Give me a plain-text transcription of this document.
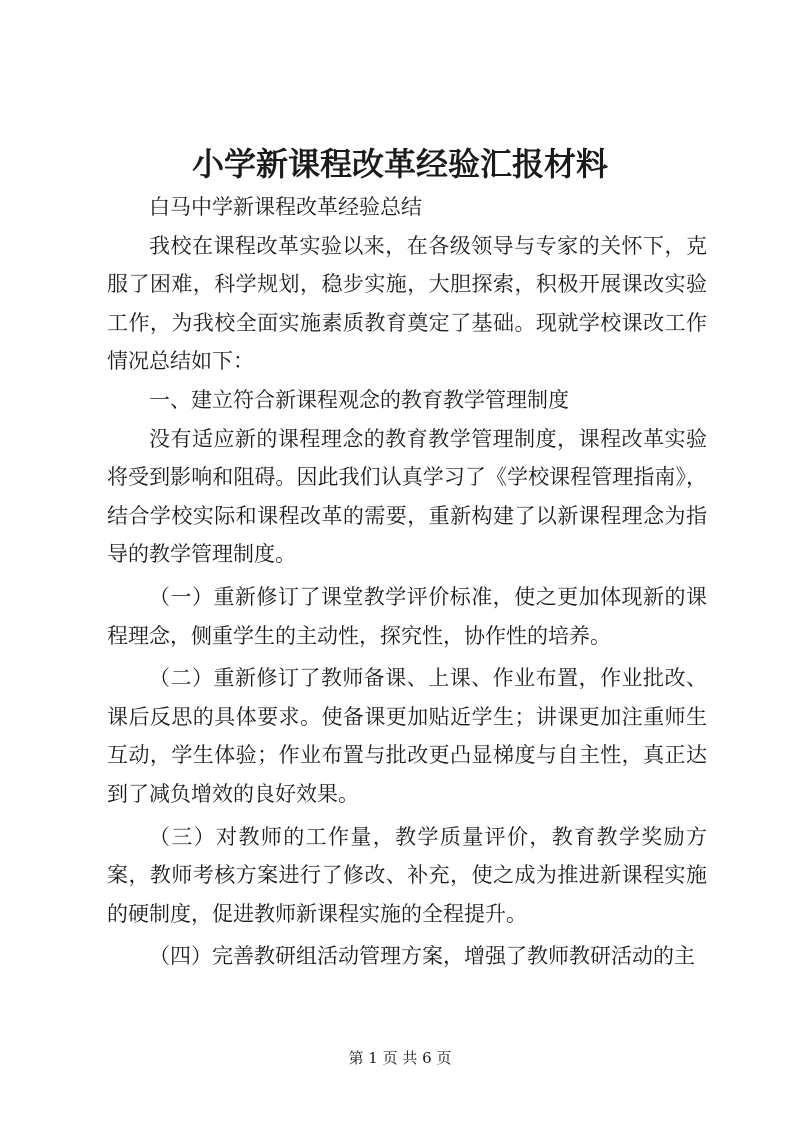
小学新课程改革经验汇报材料

白马中学新课程改革经验总结

我校在课程改革实验以来，在各级领导与专家的关怀下，克服了困难，科学规划，稳步实施，大胆探索，积极开展课改实验工作，为我校全面实施素质教育奠定了基础。现就学校课改工作情况总结如下：

一、建立符合新课程观念的教育教学管理制度

没有适应新的课程理念的教育教学管理制度，课程改革实验将受到影响和阻碍。因此我们认真学习了《学校课程管理指南》，结合学校实际和课程改革的需要，重新构建了以新课程理念为指导的教学管理制度。

（一）重新修订了课堂教学评价标准，使之更加体现新的课程理念，侧重学生的主动性，探究性，协作性的培养。

（二）重新修订了教师备课、上课、作业布置，作业批改、课后反思的具体要求。使备课更加贴近学生；讲课更加注重师生互动，学生体验；作业布置与批改更凸显梯度与自主性，真正达到了减负增效的良好效果。

（三）对教师的工作量，教学质量评价，教育教学奖励方案，教师考核方案进行了修改、补充，使之成为推进新课程实施的硬制度，促进教师新课程实施的全程提升。

（四）完善教研组活动管理方案，增强了教师教研活动的主

第 1 页 共 6 页
